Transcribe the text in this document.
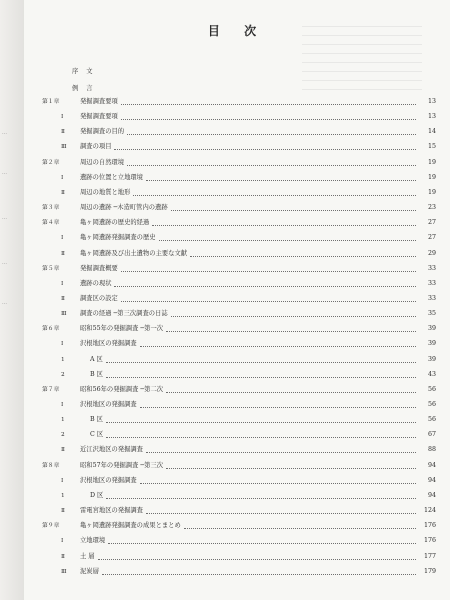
…
…
…
…
…
目 次
序 文
例 言
第１章	発掘調査要項	13
Ⅰ	発掘調査要項	13
Ⅱ 発掘調査の目的	14
Ⅲ 調査の項目	15
第２章	周辺の自然環境	19
Ⅰ	遺跡の位置と立地環境	19
Ⅱ 周辺の地質と地形	19
第３章	周辺の遺跡 ─木造町管内の遺跡	23
第４章	亀ヶ岡遺跡の歴史的経過	27
Ⅰ	亀ヶ岡遺跡発掘調査の歴史	27
Ⅱ 亀ヶ岡遺跡及び出土遺物の主要な文献	29
第５章	発掘調査概要	33
Ⅰ	遺跡の現状	33
Ⅱ 調査区の設定	33
Ⅲ 調査の経過 ─第三次調査の日誌	35
第６章	昭和55年の発掘調査 ─第一次	39
Ⅰ	沢根地区の発掘調査	39
1	A 区	39
2	B 区	43
第７章	昭和56年の発掘調査 ─第二次	56
Ⅰ	沢根地区の発掘調査	56
1	B 区	56
2	C 区	67
Ⅱ 近江沢地区の発掘調査	88
第８章	昭和57年の発掘調査 ─第三次	94
Ⅰ	沢根地区の発掘調査	94
1	D 区	94
Ⅱ 雷電宮地区の発掘調査	124
第９章	亀ヶ岡遺跡発掘調査の成果とまとめ	176
Ⅰ	立地環境	176
Ⅱ 土 層	177
Ⅲ 泥炭層	179
